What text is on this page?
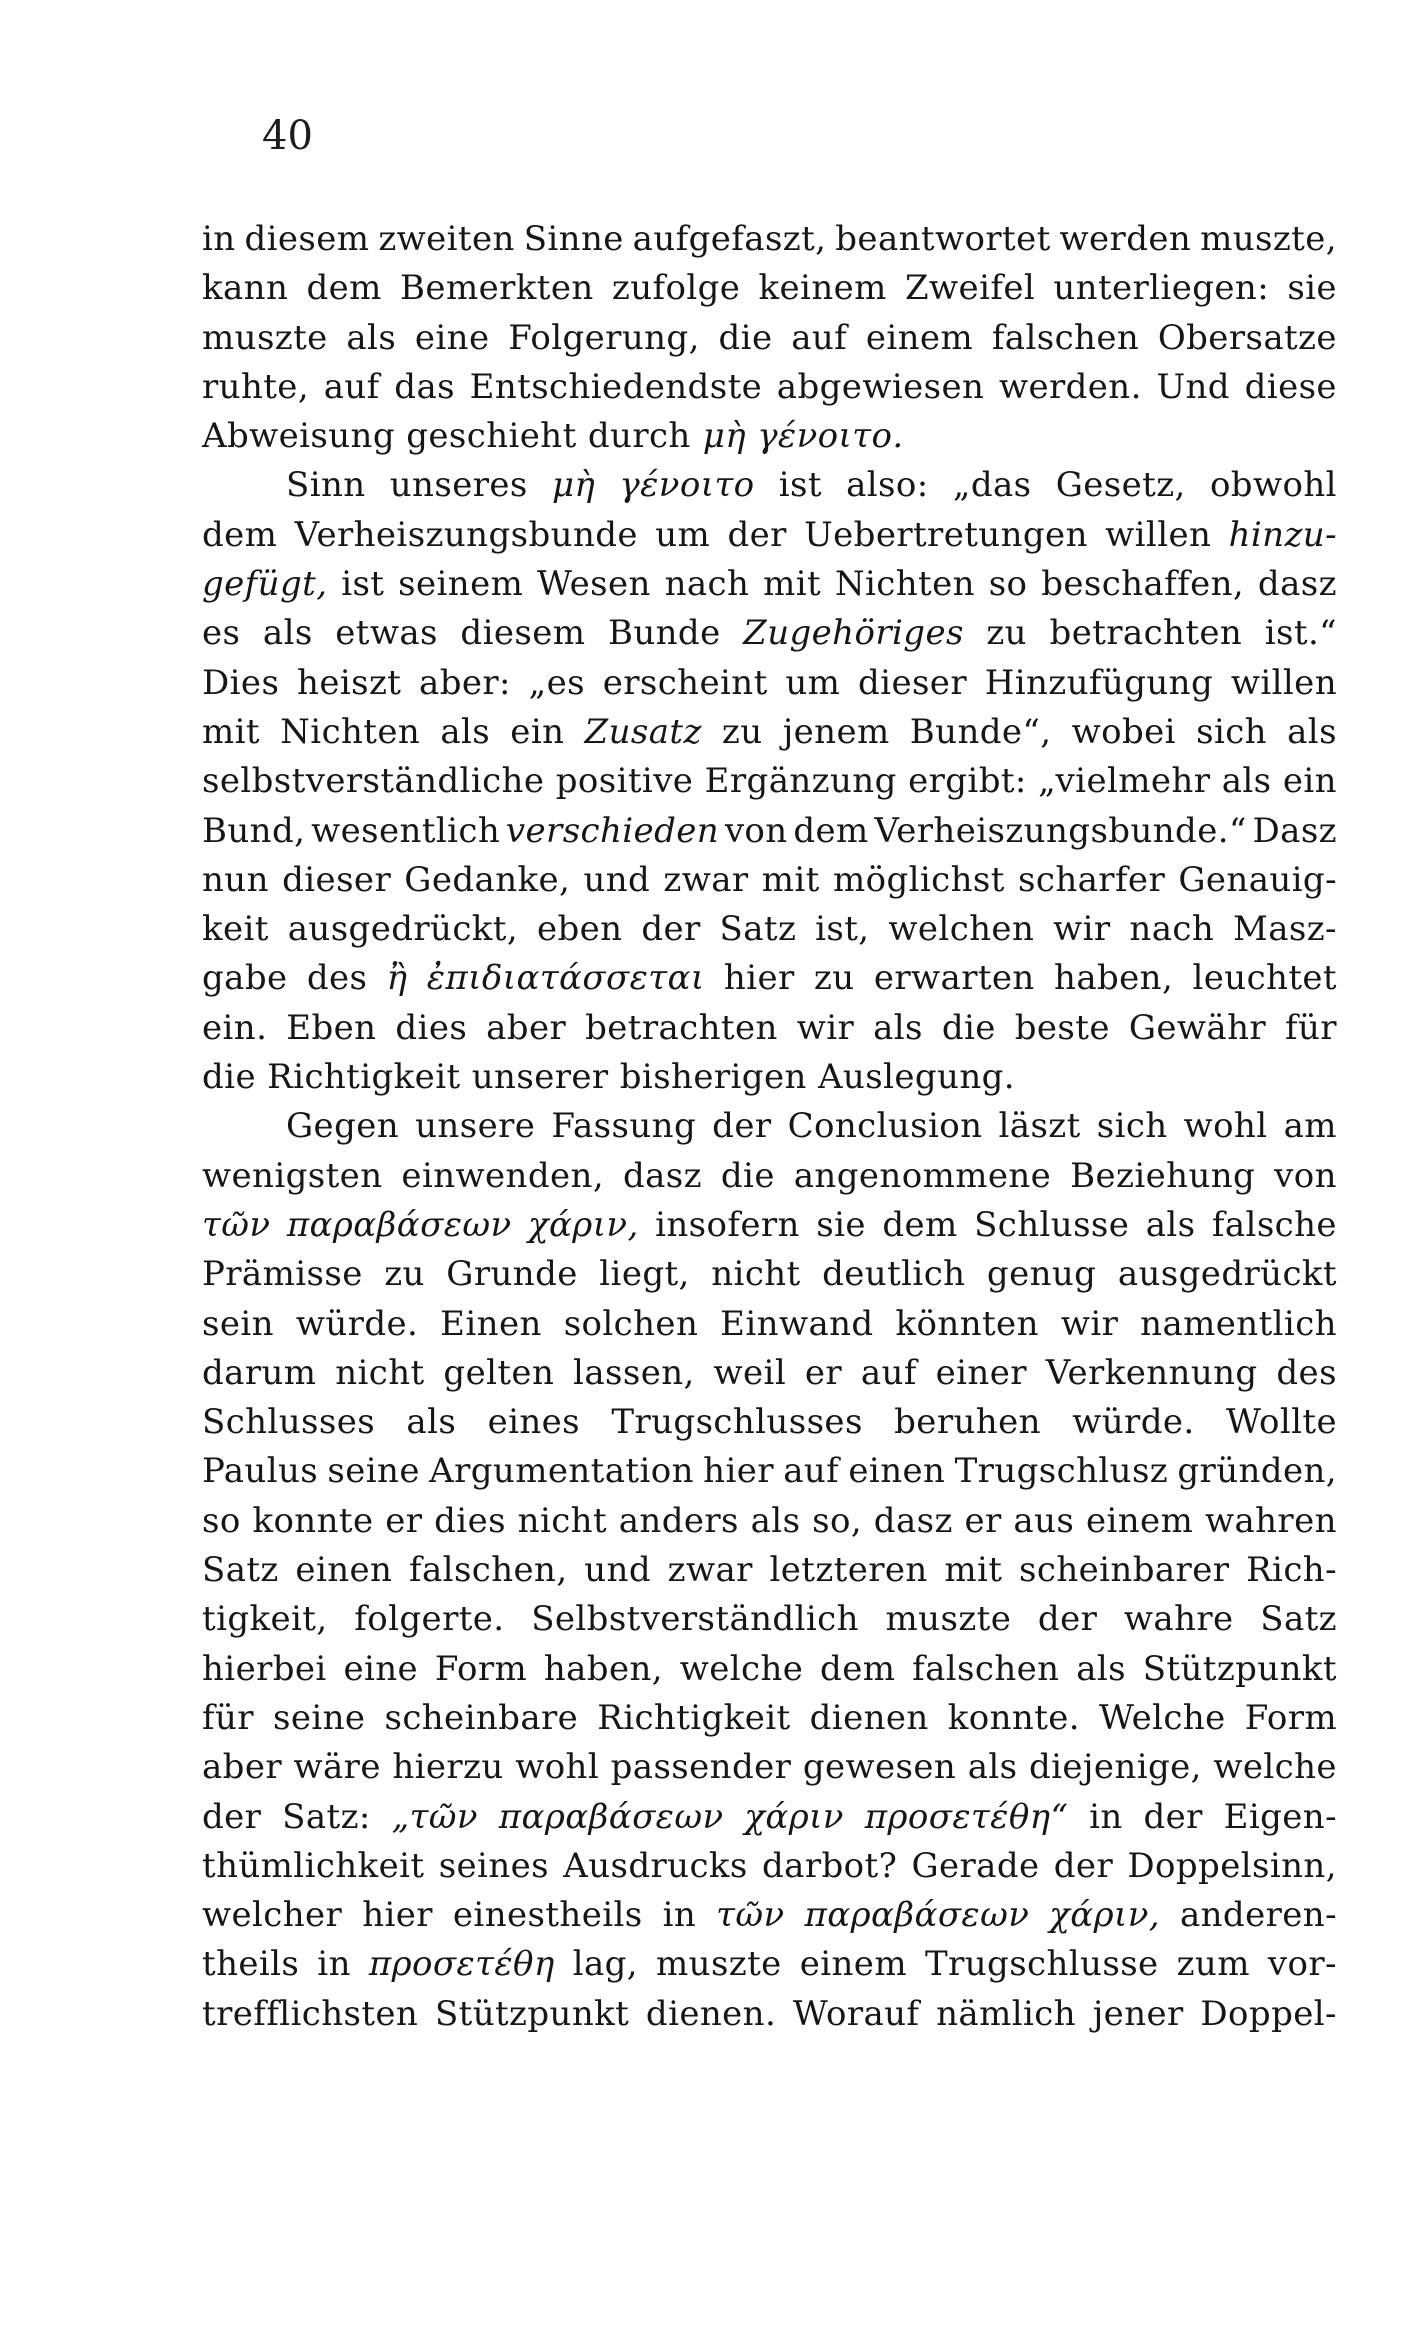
40
in diesem zweiten Sinne aufgefaszt, beantwortet werden muszte,
kann dem Bemerkten zufolge keinem Zweifel unterliegen: sie
muszte als eine Folgerung, die auf einem falschen Obersatze
ruhte, auf das Entschiedendste abgewiesen werden. Und diese
Abweisung geschieht durch μὴ γένοιτο.
Sinn unseres μὴ γένοιτο ist also: „das Gesetz, obwohl
dem Verheiszungsbunde um der Uebertretungen willen hinzu-
gefügt, ist seinem Wesen nach mit Nichten so beschaffen, dasz
es als etwas diesem Bunde Zugehöriges zu betrachten ist.“
Dies heiszt aber: „es erscheint um dieser Hinzufügung willen
mit Nichten als ein Zusatz zu jenem Bunde“, wobei sich als
selbstverständliche positive Ergänzung ergibt: „vielmehr als ein
Bund, wesentlich verschieden von dem Verheiszungsbunde.“ Dasz
nun dieser Gedanke, und zwar mit möglichst scharfer Genauig-
keit ausgedrückt, eben der Satz ist, welchen wir nach Masz-
gabe des ἢ ἐπιδιατάσσεται hier zu erwarten haben, leuchtet
ein. Eben dies aber betrachten wir als die beste Gewähr für
die Richtigkeit unserer bisherigen Auslegung.
Gegen unsere Fassung der Conclusion läszt sich wohl am
wenigsten einwenden, dasz die angenommene Beziehung von
τῶν παραβάσεων χάριν, insofern sie dem Schlusse als falsche
Prämisse zu Grunde liegt, nicht deutlich genug ausgedrückt
sein würde. Einen solchen Einwand könnten wir namentlich
darum nicht gelten lassen, weil er auf einer Verkennung des
Schlusses als eines Trugschlusses beruhen würde. Wollte
Paulus seine Argumentation hier auf einen Trugschlusz gründen,
so konnte er dies nicht anders als so, dasz er aus einem wahren
Satz einen falschen, und zwar letzteren mit scheinbarer Rich-
tigkeit, folgerte. Selbstverständlich muszte der wahre Satz
hierbei eine Form haben, welche dem falschen als Stützpunkt
für seine scheinbare Richtigkeit dienen konnte. Welche Form
aber wäre hierzu wohl passender gewesen als diejenige, welche
der Satz: „τῶν παραβάσεων χάριν προσετέθη“ in der Eigen-
thümlichkeit seines Ausdrucks darbot? Gerade der Doppelsinn,
welcher hier einestheils in τῶν παραβάσεων χάριν, anderen-
theils in προσετέθη lag, muszte einem Trugschlusse zum vor-
trefflichsten Stützpunkt dienen. Worauf nämlich jener Doppel-
